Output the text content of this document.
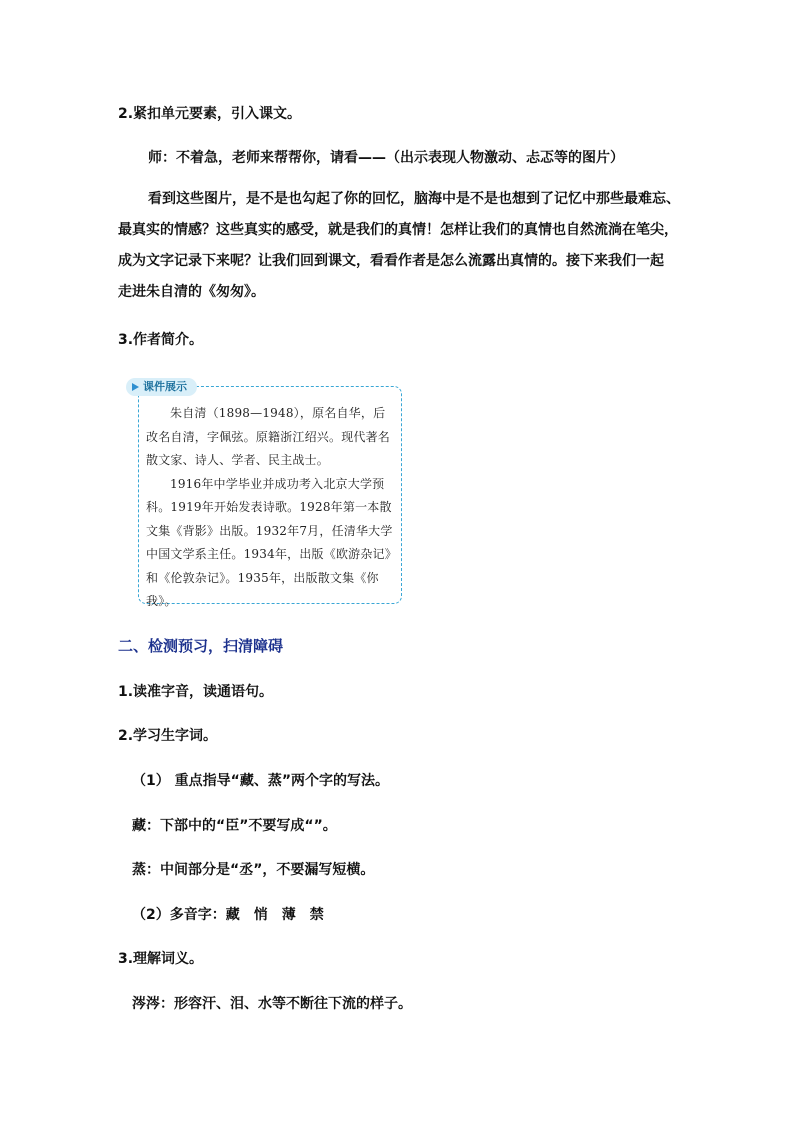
2.紧扣单元要素，引入课文。
师：不着急，老师来帮帮你，请看——（出示表现人物激动、忐忑等的图片）
看到这些图片，是不是也勾起了你的回忆，脑海中是不是也想到了记忆中那些最难忘、
最真实的情感？这些真实的感受，就是我们的真情！怎样让我们的真情也自然流淌在笔尖，
成为文字记录下来呢？让我们回到课文，看看作者是怎么流露出真情的。接下来我们一起
走进朱自清的《匆匆》。
3.作者简介。
课件展示

朱自清（1898—1948），原名自华，后改名自清，字佩弦。原籍浙江绍兴。现代著名散文家、诗人、学者、民主战士。

1916年中学毕业并成功考入北京大学预科。1919年开始发表诗歌。1928年第一本散文集《背影》出版。1932年7月，任清华大学中国文学系主任。1934年，出版《欧游杂记》和《伦敦杂记》。1935年，出版散文集《你我》。

二、检测预习，扫清障碍
1.读准字音，读通语句。
2.学习生字词。
（1） 重点指导“藏、蒸”两个字的写法。
藏：下部中的“臣”不要写成“”。
蒸：中间部分是“丞”，不要漏写短横。
（2）多音字：藏　悄　薄　禁
3.理解词义。
涔涔：形容汗、泪、水等不断往下流的样子。
